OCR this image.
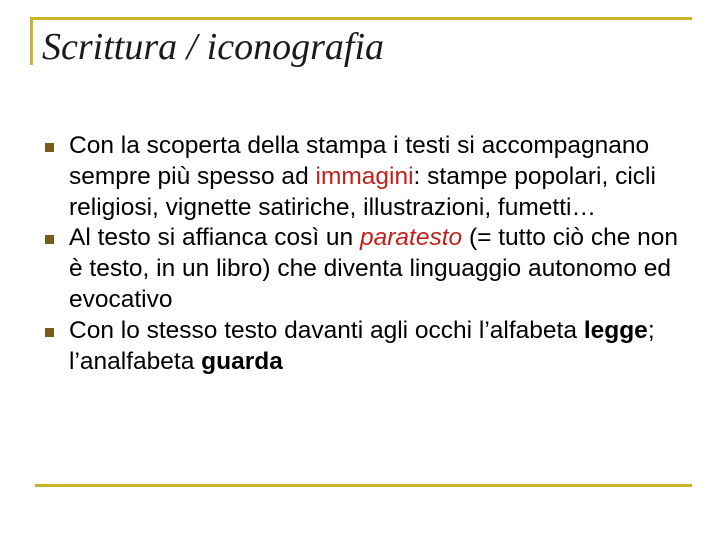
Scrittura / iconografia
Con la scoperta della stampa i testi si accompagnano sempre più spesso ad immagini: stampe popolari, cicli religiosi, vignette satiriche, illustrazioni, fumetti…
Al testo si affianca così un paratesto (= tutto ciò che non è testo, in un libro) che diventa linguaggio autonomo ed evocativo
Con lo stesso testo davanti agli occhi l’alfabeta legge; l’analfabeta guarda
